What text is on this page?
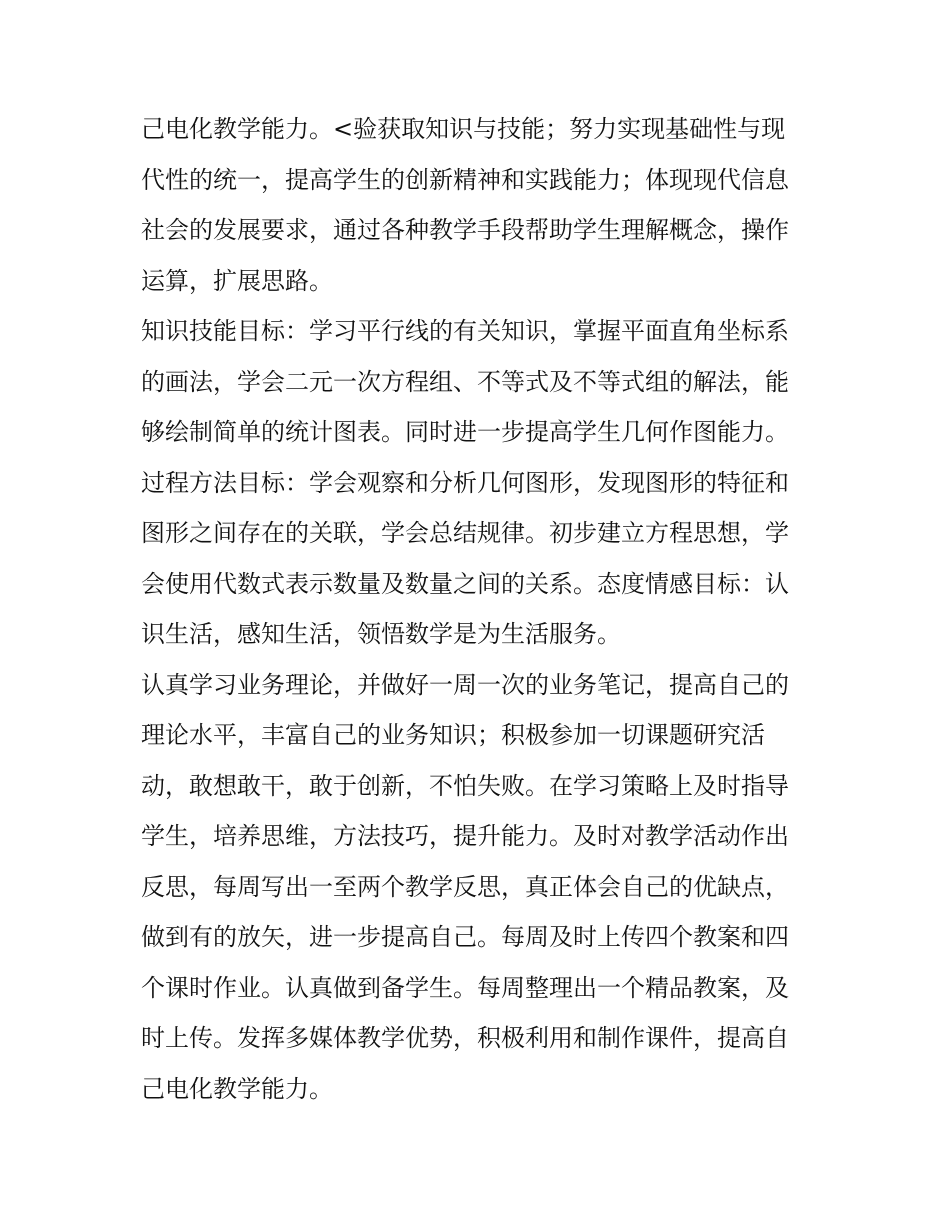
己电化教学能力。<验获取知识与技能；努力实现基础性与现
代性的统一，提高学生的创新精神和实践能力；体现现代信息
社会的发展要求，通过各种教学手段帮助学生理解概念，操作
运算，扩展思路。
知识技能目标：学习平行线的有关知识，掌握平面直角坐标系
的画法，学会二元一次方程组、不等式及不等式组的解法，能
够绘制简单的统计图表。同时进一步提高学生几何作图能力。
过程方法目标：学会观察和分析几何图形，发现图形的特征和
图形之间存在的关联，学会总结规律。初步建立方程思想，学
会使用代数式表示数量及数量之间的关系。态度情感目标：认
识生活，感知生活，领悟数学是为生活服务。
认真学习业务理论，并做好一周一次的业务笔记，提高自己的
理论水平，丰富自己的业务知识；积极参加一切课题研究活
动，敢想敢干，敢于创新，不怕失败。在学习策略上及时指导
学生，培养思维，方法技巧，提升能力。及时对教学活动作出
反思，每周写出一至两个教学反思，真正体会自己的优缺点，
做到有的放矢，进一步提高自己。每周及时上传四个教案和四
个课时作业。认真做到备学生。每周整理出一个精品教案，及
时上传。发挥多媒体教学优势，积极利用和制作课件，提高自
己电化教学能力。
